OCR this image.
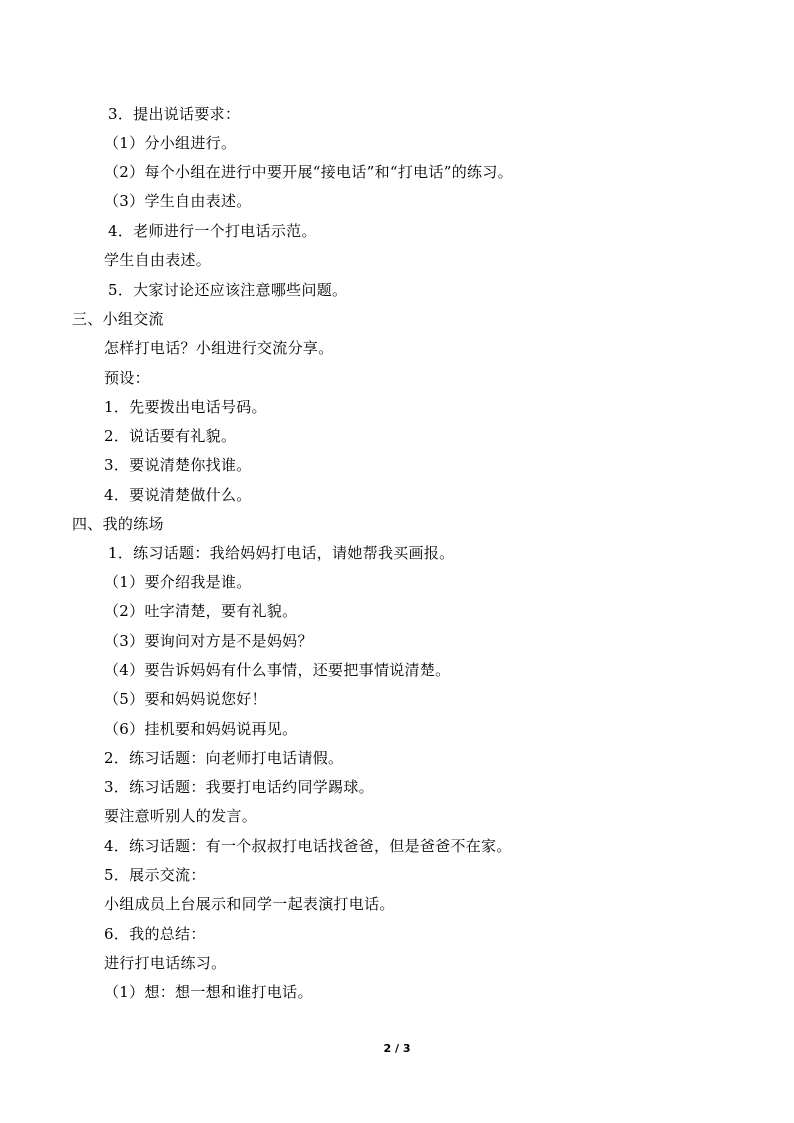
3．提出说话要求：
（1）分小组进行。
（2）每个小组在进行中要开展“接电话”和“打电话”的练习。
（3）学生自由表述。
4．老师进行一个打电话示范。
学生自由表述。
5．大家讨论还应该注意哪些问题。
三、小组交流
怎样打电话？小组进行交流分享。
预设：
1．先要拨出电话号码。
2．说话要有礼貌。
3．要说清楚你找谁。
4．要说清楚做什么。
四、我的练场
1．练习话题：我给妈妈打电话，请她帮我买画报。
（1）要介绍我是谁。
（2）吐字清楚，要有礼貌。
（3）要询问对方是不是妈妈？
（4）要告诉妈妈有什么事情，还要把事情说清楚。
（5）要和妈妈说您好！
（6）挂机要和妈妈说再见。
2．练习话题：向老师打电话请假。
3．练习话题：我要打电话约同学踢球。
要注意听别人的发言。
4．练习话题：有一个叔叔打电话找爸爸，但是爸爸不在家。
5．展示交流：
小组成员上台展示和同学一起表演打电话。
6．我的总结：
进行打电话练习。
（1）想：想一想和谁打电话。
2 / 3
